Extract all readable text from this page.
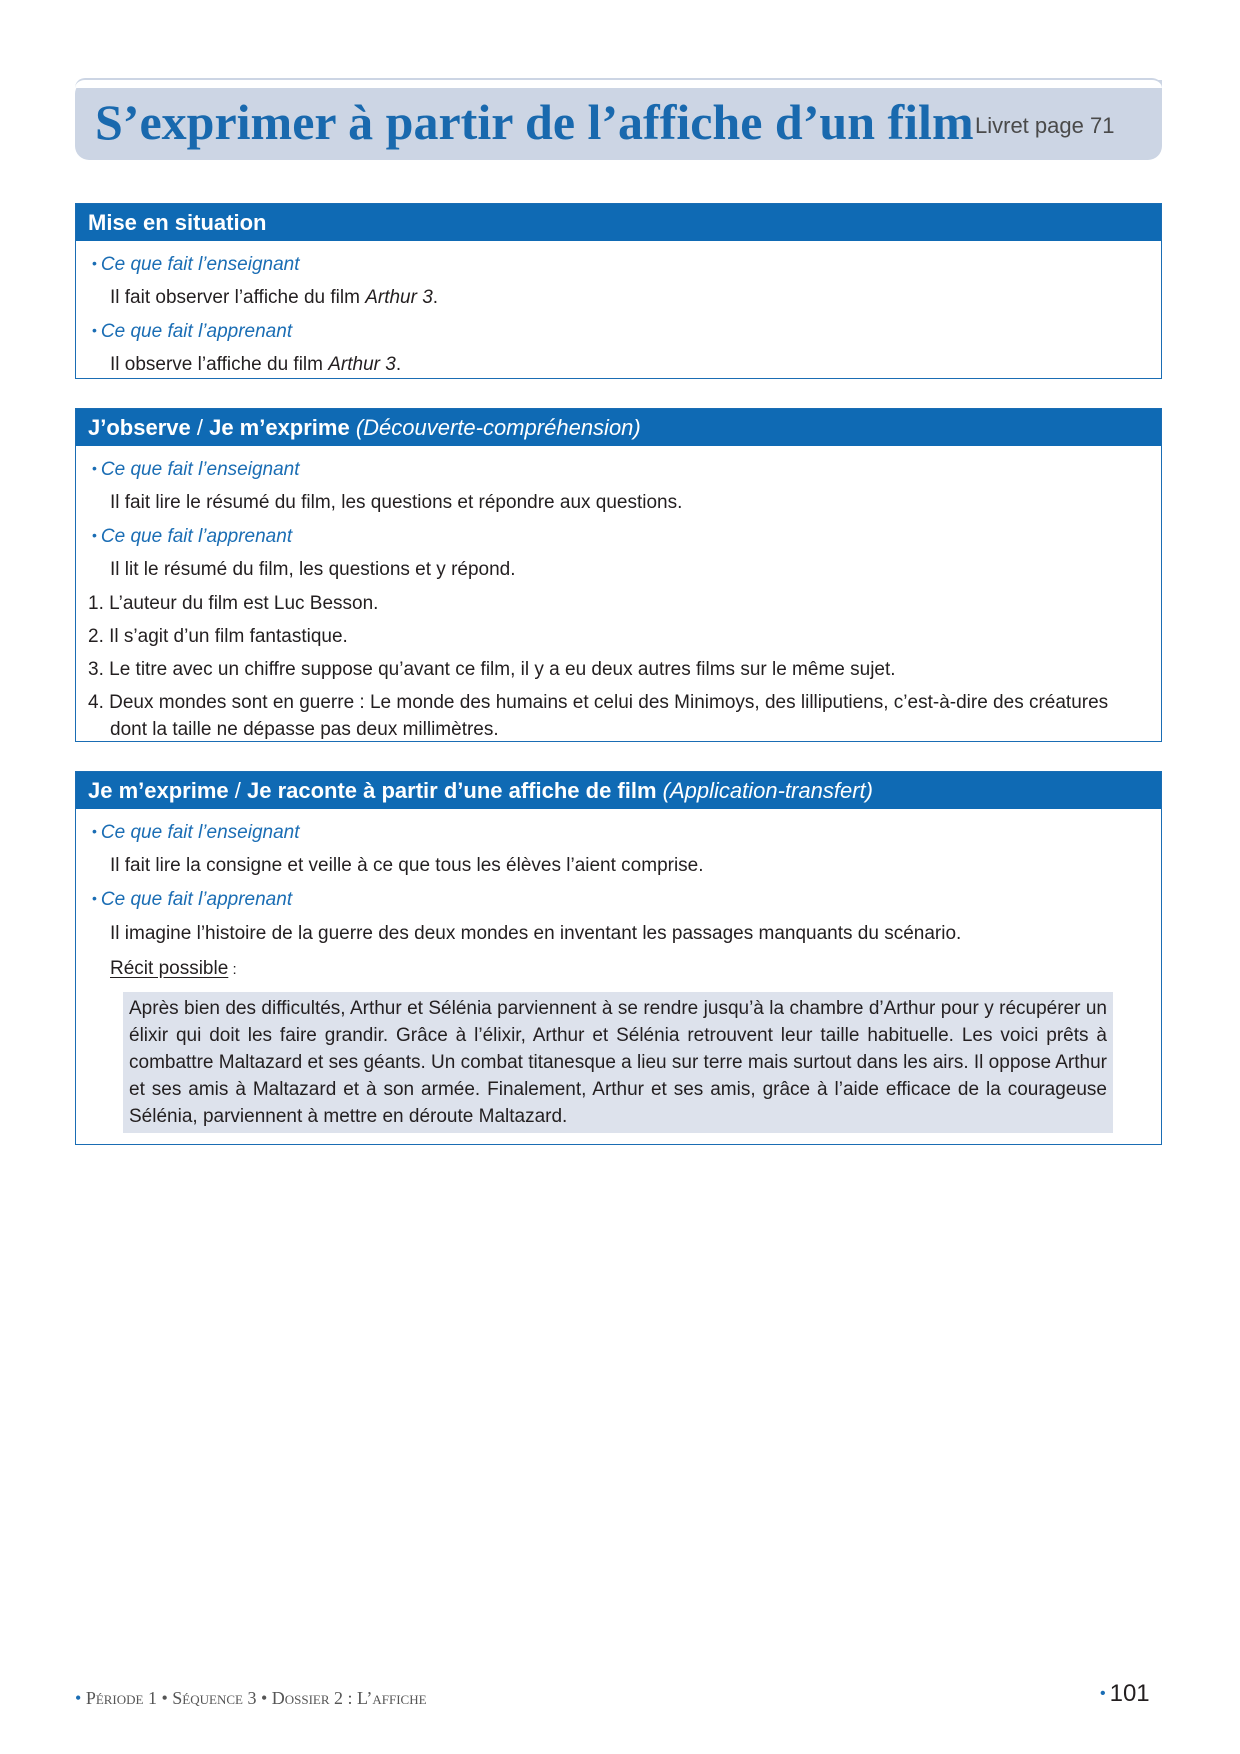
S’exprimer à partir de l’affiche d’un film Livret page 71
Mise en situation
• Ce que fait l’enseignant
Il fait observer l’affiche du film Arthur 3.
• Ce que fait l’apprenant
Il observe l’affiche du film Arthur 3.
J’observe / Je m’exprime (Découverte-compréhension)
• Ce que fait l’enseignant
Il fait lire le résumé du film, les questions et répondre aux questions.
• Ce que fait l’apprenant
Il lit le résumé du film, les questions et y répond.
1. L’auteur du film est Luc Besson.
2. Il s’agit d’un film fantastique.
3. Le titre avec un chiffre suppose qu’avant ce film, il y a eu deux autres films sur le même sujet.
4. Deux mondes sont en guerre : Le monde des humains et celui des Minimoys, des lilliputiens, c’est-à-dire des créatures dont la taille ne dépasse pas deux millimètres.
Je m’exprime / Je raconte à partir d’une affiche de film (Application-transfert)
• Ce que fait l’enseignant
Il fait lire la consigne et veille à ce que tous les élèves l’aient comprise.
• Ce que fait l’apprenant
Il imagine l’histoire de la guerre des deux mondes en inventant les passages manquants du scénario.
Récit possible :
Après bien des difficultés, Arthur et Sélénia parviennent à se rendre jusqu’à la chambre d’Arthur pour y récupérer un élixir qui doit les faire grandir. Grâce à l’élixir, Arthur et Sélénia retrouvent leur taille habituelle. Les voici prêts à combattre Maltazard et ses géants. Un combat titanesque a lieu sur terre mais surtout dans les airs. Il oppose Arthur et ses amis à Maltazard et à son armée. Finalement, Arthur et ses amis, grâce à l’aide efficace de la courageuse Sélénia, parviennent à mettre en déroute Maltazard.
• Période 1 • Séquence 3 • Dossier 2 : L’affiche	• 101
